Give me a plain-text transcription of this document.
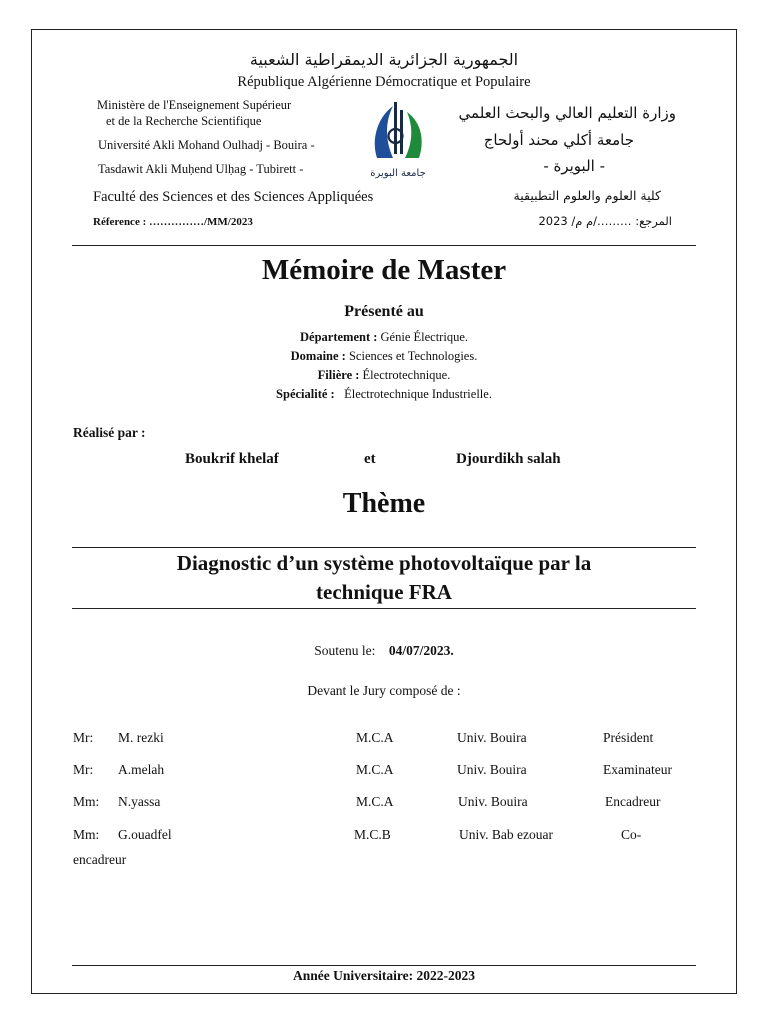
الجمهورية الجزائرية الديمقراطية الشعبية
République Algérienne Démocratique et Populaire
Ministère de l'Enseignement Supérieur
et de la Recherche Scientifique
Université Akli Mohand Oulhadj - Bouira -
Tasdawit Akli Muḥend Ulḥag - Tubirett -
Faculté des Sciences et des Sciences Appliquées
Réference : ……………/MM/2023
وزارة التعليم العالي والبحث العلمي
جامعة أكلي محند أولحاج
- البويرة -
كلية العلوم والعلوم التطبيقية
المرجع: ………/م م/ 2023
جامعة البويرة
Mémoire de Master
Présenté au
Département : Génie Électrique.
Domaine : Sciences et Technologies.
Filière : Électrotechnique.
Spécialité : Électrotechnique Industrielle.
Réalisé par :
Boukrif khelaf	et	Djourdikh salah
Thème
Diagnostic d’un système photovoltaïque par la
technique FRA
Soutenu le: 04/07/2023.
Devant le Jury composé de :
Mr: M. rezki	M.C.A	Univ. Bouira	Président
Mr: A.melah	M.C.A	Univ. Bouira	Examinateur
Mm: N.yassa	M.C.A	Univ. Bouira	Encadreur
Mm: G.ouadfel	M.C.B	Univ. Bab ezouar	Co-
encadreur
Année Universitaire: 2022-2023
